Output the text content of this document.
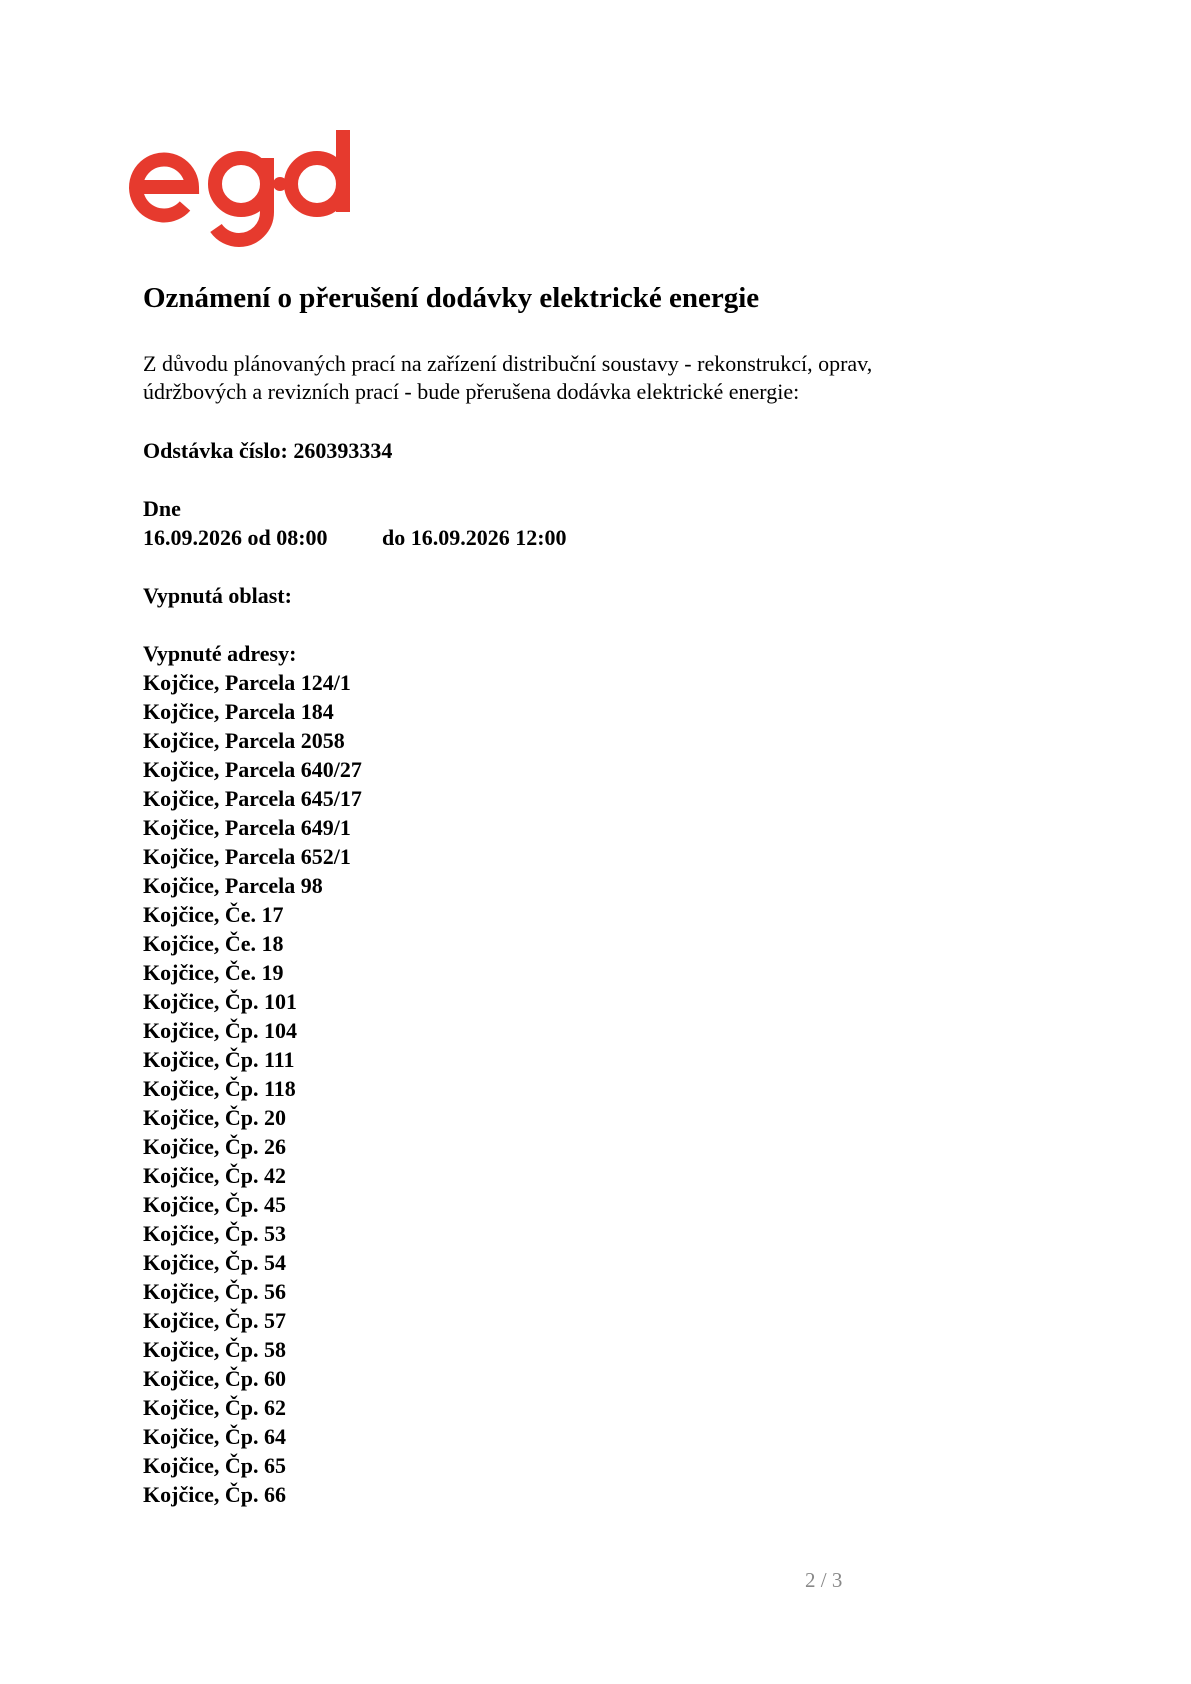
Oznámení o přerušení dodávky elektrické energie
Z důvodu plánovaných prací na zařízení distribuční soustavy - rekonstrukcí, oprav,
údržbových a revizních prací - bude přerušena dodávka elektrické energie:
Odstávka číslo: 260393334
Dne
16.09.2026 od 08:00 do 16.09.2026 12:00
Vypnutá oblast:
Vypnuté adresy:
Kojčice, Parcela 124/1
Kojčice, Parcela 184
Kojčice, Parcela 2058
Kojčice, Parcela 640/27
Kojčice, Parcela 645/17
Kojčice, Parcela 649/1
Kojčice, Parcela 652/1
Kojčice, Parcela 98
Kojčice, Če. 17
Kojčice, Če. 18
Kojčice, Če. 19
Kojčice, Čp. 101
Kojčice, Čp. 104
Kojčice, Čp. 111
Kojčice, Čp. 118
Kojčice, Čp. 20
Kojčice, Čp. 26
Kojčice, Čp. 42
Kojčice, Čp. 45
Kojčice, Čp. 53
Kojčice, Čp. 54
Kojčice, Čp. 56
Kojčice, Čp. 57
Kojčice, Čp. 58
Kojčice, Čp. 60
Kojčice, Čp. 62
Kojčice, Čp. 64
Kojčice, Čp. 65
Kojčice, Čp. 66
2 / 3
